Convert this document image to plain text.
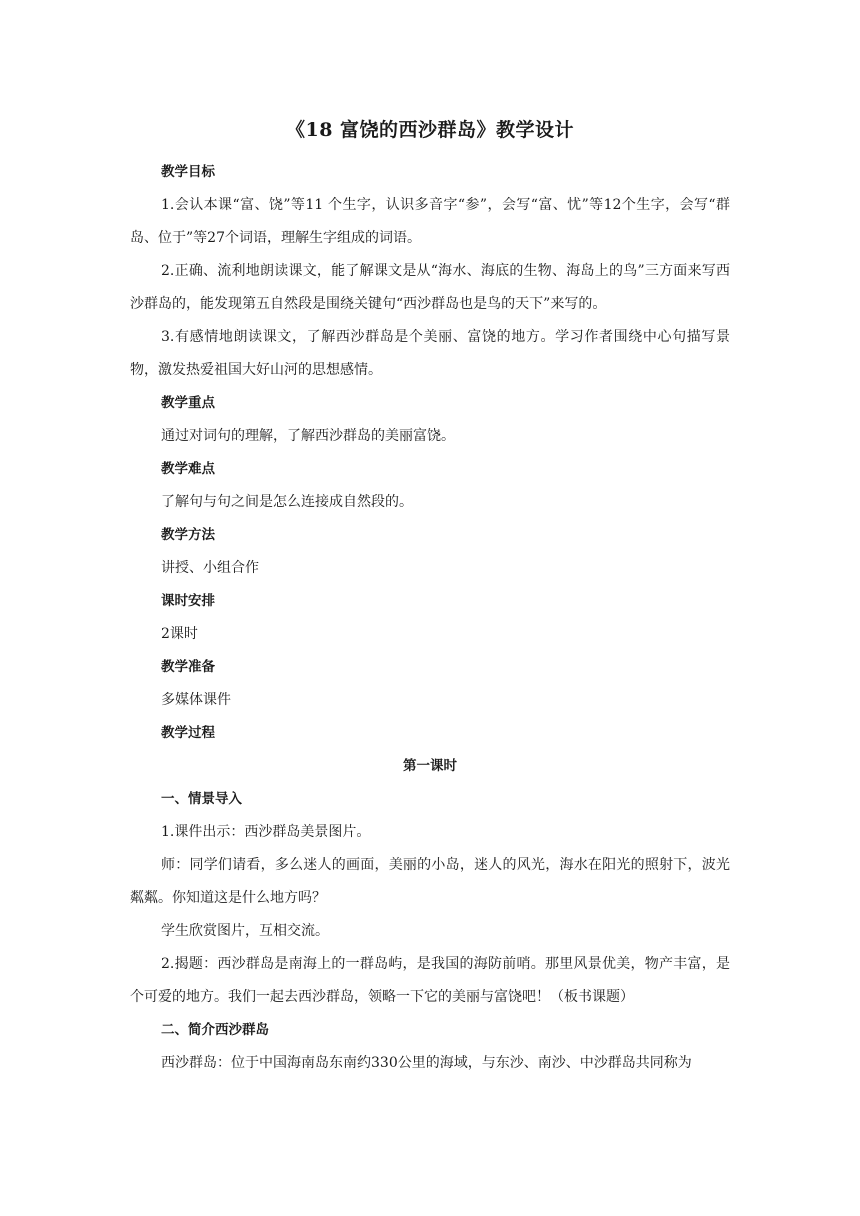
《18 富饶的西沙群岛》教学设计

教学目标

1.会认本课“富、饶”等11 个生字，认识多音字“参”，会写“富、忧”等12个生字，会写“群岛、位于”等27个词语，理解生字组成的词语。

2.正确、流利地朗读课文，能了解课文是从“海水、海底的生物、海岛上的鸟”三方面来写西沙群岛的，能发现第五自然段是围绕关键句“西沙群岛也是鸟的天下”来写的。

3.有感情地朗读课文，了解西沙群岛是个美丽、富饶的地方。学习作者围绕中心句描写景物，激发热爱祖国大好山河的思想感情。

教学重点

通过对词句的理解，了解西沙群岛的美丽富饶。

教学难点

了解句与句之间是怎么连接成自然段的。

教学方法

讲授、小组合作

课时安排

2课时

教学准备

多媒体课件

教学过程

第一课时

一、情景导入

1.课件出示：西沙群岛美景图片。

师：同学们请看，多么迷人的画面，美丽的小岛，迷人的风光，海水在阳光的照射下，波光粼粼。你知道这是什么地方吗？

学生欣赏图片，互相交流。

2.揭题：西沙群岛是南海上的一群岛屿，是我国的海防前哨。那里风景优美，物产丰富，是个可爱的地方。我们一起去西沙群岛，领略一下它的美丽与富饶吧！（板书课题）

二、简介西沙群岛

西沙群岛：位于中国海南岛东南约330公里的海域，与东沙、南沙、中沙群岛共同称为
